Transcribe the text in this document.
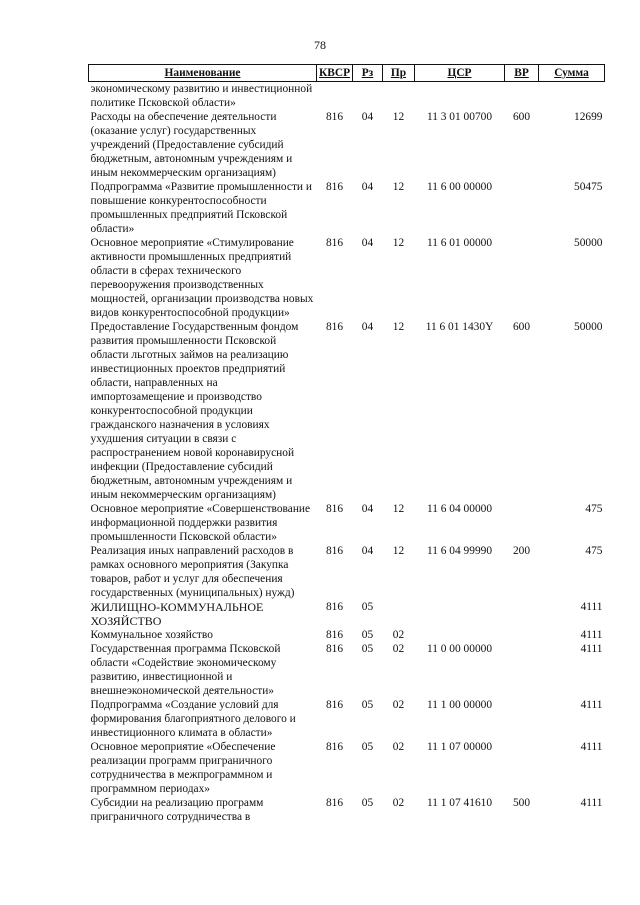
78
Наименование	КВСР	Рз	Пр	ЦСР	ВР	Сумма
экономическому развитию и инвестиционной политике Псковской области»						
Расходы на обеспечение деятельности (оказание услуг) государственных учреждений (Предоставление субсидий бюджетным, автономным учреждениям и иным некоммерческим организациям)	816	04	12	11 3 01 00700	600	12699
Подпрограмма «Развитие промышленности и повышение конкурентоспособности промышленных предприятий Псковской области»	816	04	12	11 6 00 00000		50475
Основное мероприятие «Стимулирование активности промышленных предприятий области в сферах технического перевооружения производственных мощностей, организации производства новых видов конкурентоспособной продукции»	816	04	12	11 6 01 00000		50000
Предоставление Государственным фондом развития промышленности Псковской области льготных займов на реализацию инвестиционных проектов предприятий области, направленных на импортозамещение и производство конкурентоспособной продукции гражданского назначения в условиях ухудшения ситуации в связи с распространением новой коронавирусной инфекции (Предоставление субсидий бюджетным, автономным учреждениям и иным некоммерческим организациям)	816	04	12	11 6 01 1430Y	600	50000
Основное мероприятие «Совершенствование информационной поддержки развития промышленности Псковской области»	816	04	12	11 6 04 00000		475
Реализация иных направлений расходов в рамках основного мероприятия (Закупка товаров, работ и услуг для обеспечения государственных (муниципальных) нужд)	816	04	12	11 6 04 99990	200	475
ЖИЛИЩНО-КОММУНАЛЬНОЕ ХОЗЯЙСТВО	816	05				4111
Коммунальное хозяйство	816	05	02			4111
Государственная программа Псковской области «Содействие экономическому развитию, инвестиционной и внешнеэкономической деятельности»	816	05	02	11 0 00 00000		4111
Подпрограмма «Создание условий для формирования благоприятного делового и инвестиционного климата в области»	816	05	02	11 1 00 00000		4111
Основное мероприятие «Обеспечение реализации программ приграничного сотрудничества в межпрограммном и программном периодах»	816	05	02	11 1 07 00000		4111
Субсидии на реализацию программ приграничного сотрудничества в	816	05	02	11 1 07 41610	500	4111
